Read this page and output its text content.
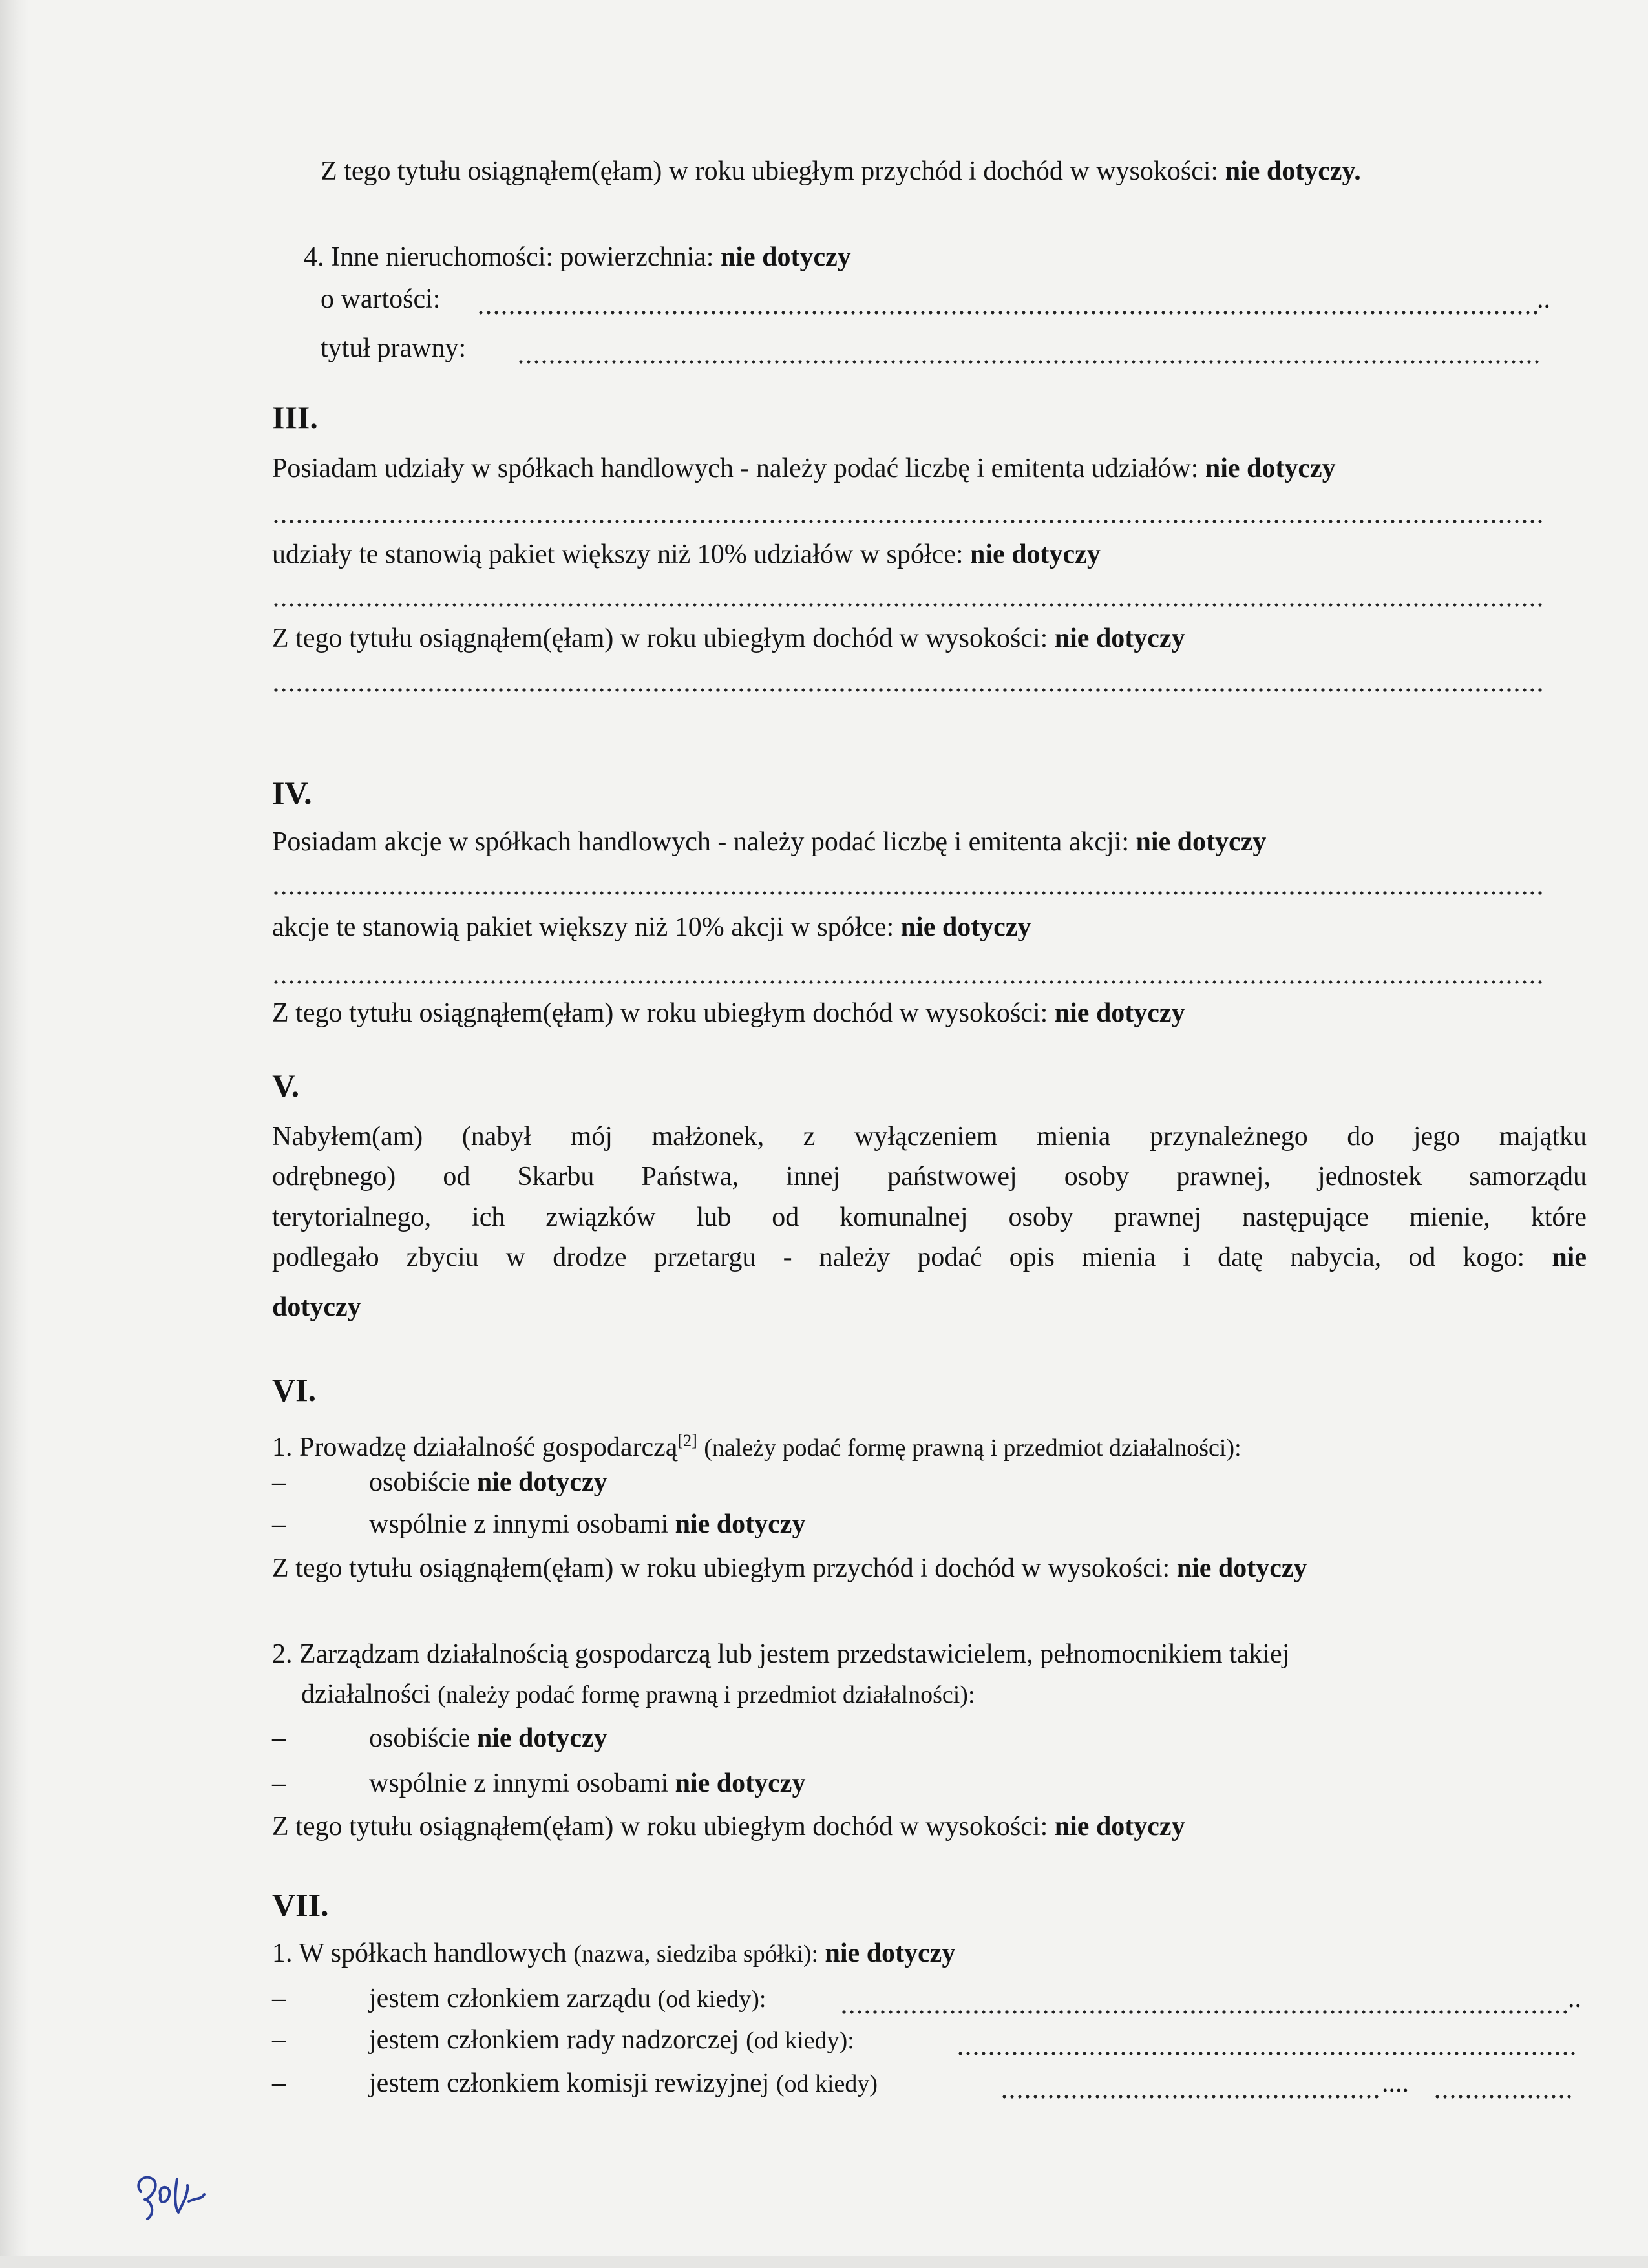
Z tego tytułu osiągnąłem(ęłam) w roku ubiegłym przychód i dochód w wysokości: nie dotyczy.
4. Inne nieruchomości: powierzchnia: nie dotyczy
o wartości:	..
tytuł prawny:
III.
Posiadam udziały w spółkach handlowych - należy podać liczbę i emitenta udziałów: nie dotyczy
udziały te stanowią pakiet większy niż 10% udziałów w spółce: nie dotyczy
Z tego tytułu osiągnąłem(ęłam) w roku ubiegłym dochód w wysokości: nie dotyczy
IV.
Posiadam akcje w spółkach handlowych - należy podać liczbę i emitenta akcji: nie dotyczy
akcje te stanowią pakiet większy niż 10% akcji w spółce: nie dotyczy
Z tego tytułu osiągnąłem(ęłam) w roku ubiegłym dochód w wysokości: nie dotyczy
V.
Nabyłem(am) (nabył mój małżonek, z wyłączeniem mienia przynależnego do jego majątku
odrębnego) od Skarbu Państwa, innej państwowej osoby prawnej, jednostek samorządu
terytorialnego, ich związków lub od komunalnej osoby prawnej następujące mienie, które
podlegało zbyciu w drodze przetargu - należy podać opis mienia i datę nabycia, od kogo: nie
dotyczy
VI.
1. Prowadzę działalność gospodarczą[2] (należy podać formę prawną i przedmiot działalności):
–	osobiście nie dotyczy
–	wspólnie z innymi osobami nie dotyczy
Z tego tytułu osiągnąłem(ęłam) w roku ubiegłym przychód i dochód w wysokości: nie dotyczy
2. Zarządzam działalnością gospodarczą lub jestem przedstawicielem, pełnomocnikiem takiej
działalności (należy podać formę prawną i przedmiot działalności):
–	osobiście nie dotyczy
–	wspólnie z innymi osobami nie dotyczy
Z tego tytułu osiągnąłem(ęłam) w roku ubiegłym dochód w wysokości: nie dotyczy
VII.
1. W spółkach handlowych (nazwa, siedziba spółki): nie dotyczy
–	jestem członkiem zarządu (od kiedy):	..
–	jestem członkiem rady nadzorczej (od kiedy):
–	jestem członkiem komisji rewizyjnej (od kiedy)	....
